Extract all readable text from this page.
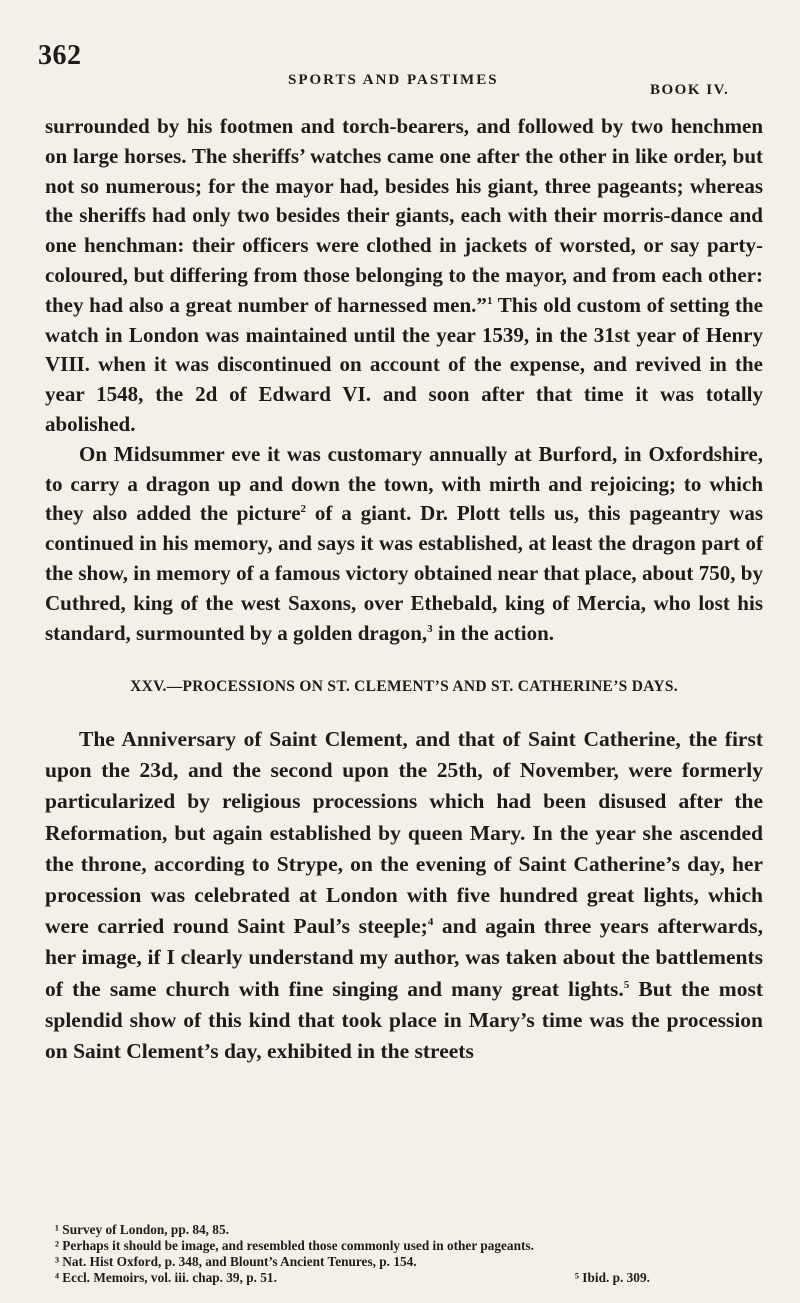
362
SPORTS AND PASTIMES
BOOK IV.

surrounded by his footmen and torch-bearers, and followed by two henchmen on large horses. The sheriffs’ watches came one after the other in like order, but not so numerous; for the mayor had, besides his giant, three pageants; whereas the sheriffs had only two besides their giants, each with their morris-dance and one henchman: their officers were clothed in jackets of worsted, or say party-coloured, but differing from those belonging to the mayor, and from each other: they had also a great number of harnessed men.”$^1$ This old custom of setting the watch in London was maintained until the year 1539, in the 31st year of Henry VIII. when it was discontinued on account of the expense, and revived in the year 1548, the 2d of Edward VI. and soon after that time it was totally abolished.

On Midsummer eve it was customary annually at Burford, in Oxfordshire, to carry a dragon up and down the town, with mirth and rejoicing; to which they also added the picture$^2$ of a giant. Dr. Plott tells us, this pageantry was continued in his memory, and says it was established, at least the dragon part of the show, in memory of a famous victory obtained near that place, about 750, by Cuthred, king of the west Saxons, over Ethebald, king of Mercia, who lost his standard, surmounted by a golden dragon,$^3$ in the action.

XXV.—PROCESSIONS ON ST. CLEMENT’S AND ST. CATHERINE’S DAYS.

The Anniversary of Saint Clement, and that of Saint Catherine, the first upon the 23d, and the second upon the 25th, of November, were formerly particularized by religious processions which had been disused after the Reformation, but again established by queen Mary. In the year she ascended the throne, according to Strype, on the evening of Saint Catherine’s day, her procession was celebrated at London with five hundred great lights, which were carried round Saint Paul’s steeple;$^4$ and again three years afterwards, her image, if I clearly understand my author, was taken about the battlements of the same church with fine singing and many great lights.$^5$ But the most splendid show of this kind that took place in Mary’s time was the procession on Saint Clement’s day, exhibited in the streets

¹ Survey of London, pp. 84, 85.
² Perhaps it should be image, and resembled those commonly used in other pageants.
³ Nat. Hist Oxford, p. 348, and Blount’s Ancient Tenures, p. 154.
⁴ Eccl. Memoirs, vol. iii. chap. 39, p. 51.	⁵ Ibid. p. 309.
